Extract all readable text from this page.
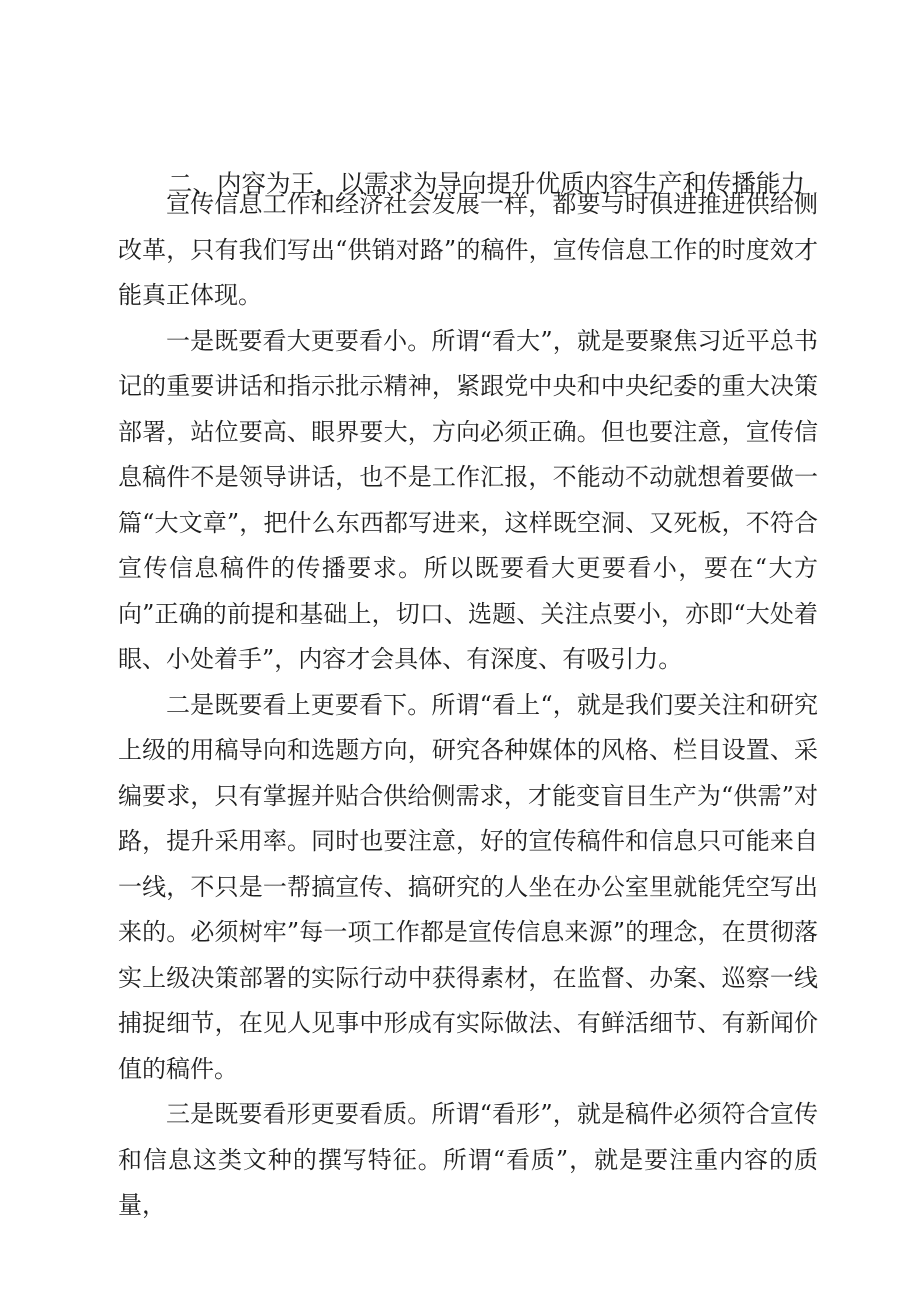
二、内容为王，以需求为导向提升优质内容生产和传播能力

宣传信息工作和经济社会发展一样，都要与时俱进推进供给侧改革，只有我们写出“供销对路”的稿件，宣传信息工作的时度效才能真正体现。

一是既要看大更要看小。所谓“看大”，就是要聚焦习近平总书记的重要讲话和指示批示精神，紧跟党中央和中央纪委的重大决策部署，站位要高、眼界要大，方向必须正确。但也要注意，宣传信息稿件不是领导讲话，也不是工作汇报，不能动不动就想着要做一篇“大文章”，把什么东西都写进来，这样既空洞、又死板，不符合宣传信息稿件的传播要求。所以既要看大更要看小，要在“大方向”正确的前提和基础上，切口、选题、关注点要小，亦即“大处着眼、小处着手”，内容才会具体、有深度、有吸引力。

二是既要看上更要看下。所谓“看上“，就是我们要关注和研究上级的用稿导向和选题方向，研究各种媒体的风格、栏目设置、采编要求，只有掌握并贴合供给侧需求，才能变盲目生产为“供需”对路，提升采用率。同时也要注意，好的宣传稿件和信息只可能来自一线，不只是一帮搞宣传、搞研究的人坐在办公室里就能凭空写出来的。必须树牢”每一项工作都是宣传信息来源”的理念，在贯彻落实上级决策部署的实际行动中获得素材，在监督、办案、巡察一线捕捉细节，在见人见事中形成有实际做法、有鲜活细节、有新闻价值的稿件。

三是既要看形更要看质。所谓“看形”，就是稿件必须符合宣传和信息这类文种的撰写特征。所谓“看质”，就是要注重内容的质量，
